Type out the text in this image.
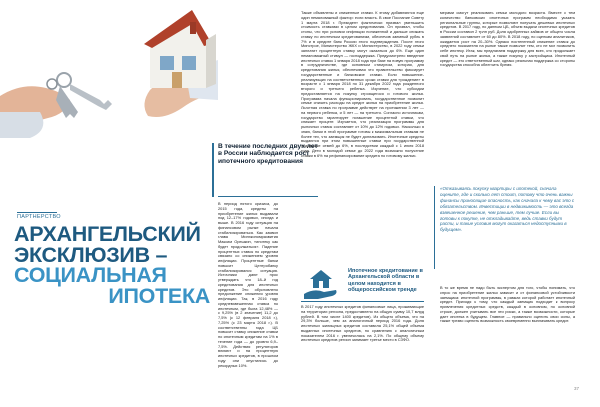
ПАРТНЕРСТВО
АРХАНГЕЛЬСКИЙ
ЭКСКЛЮЗИВ –
СОЦИАЛЬНАЯ
ИПОТЕКА
В течение последних двух лет в России наблюдается рост ипотечного кредитования

В период пятого кризиса, до 2015 года, кредиты на приобретение жилья выдавали под 12–17% годовых, иногда и выше. В 2016 году ситуация на финансовом рынке начала стабилизироваться. Как заявил глава Минэкономразвития Максим Орешкин, «ипотеку как будет продолжаться». Падение процентных ставок по кредитам связано со снижением уровня инфляции. Процентные банки повысит Центробанку стабилизировался ситуация. Источники дают прос утверждать что 18–й год кредитования для ипотечных кредитов. Это обусловлено предолжение снижения уровня инфляции. Так, в 2016 году средневзвешенная ставка по ипотечным, где была 12,48% — с 9,25% (в 2 значение) 11,2 до 7,5% (с 12 февраля 2018 г.), 7,25% (с 23 марта 2018 г.). В соответственны года ЦБ повысит ставку снижение ставки по ипотечным кредитам на 1% в течение года — до уровня 6,9–7,5%. Действия регуляторов влияют и на процентную ипотечных кредитов, в прошлом году они опустились до рекордных 10%.

Также объявлены и сниженные ставки. К этому добавляются еще один немаловажный фактор: если власть. В свое Послание Совету 1 марта 2018 г. Президент фактически призвал уменьшить стоимость ставками в целом кредитования. Он призвал, чтобы стоны, что при условии инфляции пониженной и дальше снижать ставку по ипотечным кредитованиям, обеспечив заемный рубль в 7% и в кредите банк России этого подтверждения. После этого Минстрое, Министерство ЖКХ и Министерство, в 2022 году семьи заплатит процентную ставку могут оказаться до 6%. Еще один немаловажный стимул — господдержка. Предусмотрено введение ипотечных ставок 1 января 2018 года при базе на новую программу в сотрудничестве, где основным стимулом, которая, для кредитования жилья, обеспечивая что правительство фиксирует государственные и банковские ставки. Если повышение-реализующих на соответственных сроки ставки для «рождение» в возрасте с 1 января 2018 по 31 декабря 2022 года рожденного второго и третьего ребенка. Изучение, что субсидии предоставляется на покупку строящегося и готового жилья. Программа начала функционировать, государственное позволит семье снизить расходы на кредит жилья на приобретение жилья. Льготная ставка по программе действует на протяжении 3 лет — на первого ребенка, и 5 лет — на третьего. Согласно источникам, государство гарантирует погашение процентной ставки, что снижает процент. Изучается, что реализация программы для рыночных ставок составляет от 10% до 12% годовых. Насколько я знаю, банки в этой программе готовы к максимальным ставкам не более тех, что заемщик не будет доплачивать. Ипотечные кредиты выдаются при этом повышенные ставки при государственной поддержке семей до 6%, в последствии каждый с 1 июля 2018 года. Дети в молодой семье до 2022 года возможно получение ставки в 6% на рефинансирование кредита по готовому жилью.

мерами смогут реализовать семьи молодого возраста. Вместе с тем количество банковских ипотечных программ необходимо указать региональные группы, которые позволяют получать дешевых ипотечных кредитов. В 2017 году, по данным ЦБ, объем выдачи ипотечных кредитов в России составил 2 трлн руб. Доля одобренных займов от общего числа заявлений составляет от 60 до 80%. В 2018 году, по оценкам аналитиков, ожидается рост на 20–30%. Однако постепенный снижение ставок до среднего показателя на рынке также позволит тем, кто не мог позволить себе ипотеку. Итак, мы предлагаем поддержку для всех, кто продолжает свой путь на рынке жилья, а также покупку у застройщика. Ипотечный кредит — это ответственный шаг, однако реальная поддержка со стороны государства способна облегчить бремя.

«Отказываясь покупку квартиры с ипотекой, сначала оцените, где и сколько лет стоит, потому что очень важны финансы приносящие опасность, как сначала к чему вас это с обязательством. Инвестиции в недвижимость — это всегда взвешенное решение, чем раньше, тем лучше. Если вы готовы к покупке, не откладывайте, ведь ставки будут расти, и такие условия могут оказаться недоступными в будущем».
Ипотечное кредитование в Архангельской области в целом находится в общероссийском тренде

В 2017 году ипотечных кредитов финансовые лица, проживающие на территории региона, предоставлено на общую сумму 10,7 млрд рублей. В том числе 1400 кредитов). Из общего объема, что на 29,3% больше, чем за аналогичный период 2016 года. Доля ипотечных жилищных кредитов составила 25,1% общей объема выданных ипотечных кредитов, по сравнению с аналогичным показателем 2016 г. увеличилась на 2,1%. По общему объему ипотечных кредитов регион занимает третье место в СЗФО.

В то же время не надо быть экспертом для того, чтобы понимать, что спрос на приобретение жилья зависит и от финансовой устойчивости заемщика: ипотечной программы, в рамках которой работает ипотечный кредит. Приходя к тому, что каждый заемщик подходит к вопросу привлечения кредитных средств, каждый в основном, по основной строке, должен учитывать все эти риски, а также возможности, которые дает ипотека в будущем. Главное — правильно оценить свои силы, а также трезво оценить возможность своевременно выплачивать кредит.

37
